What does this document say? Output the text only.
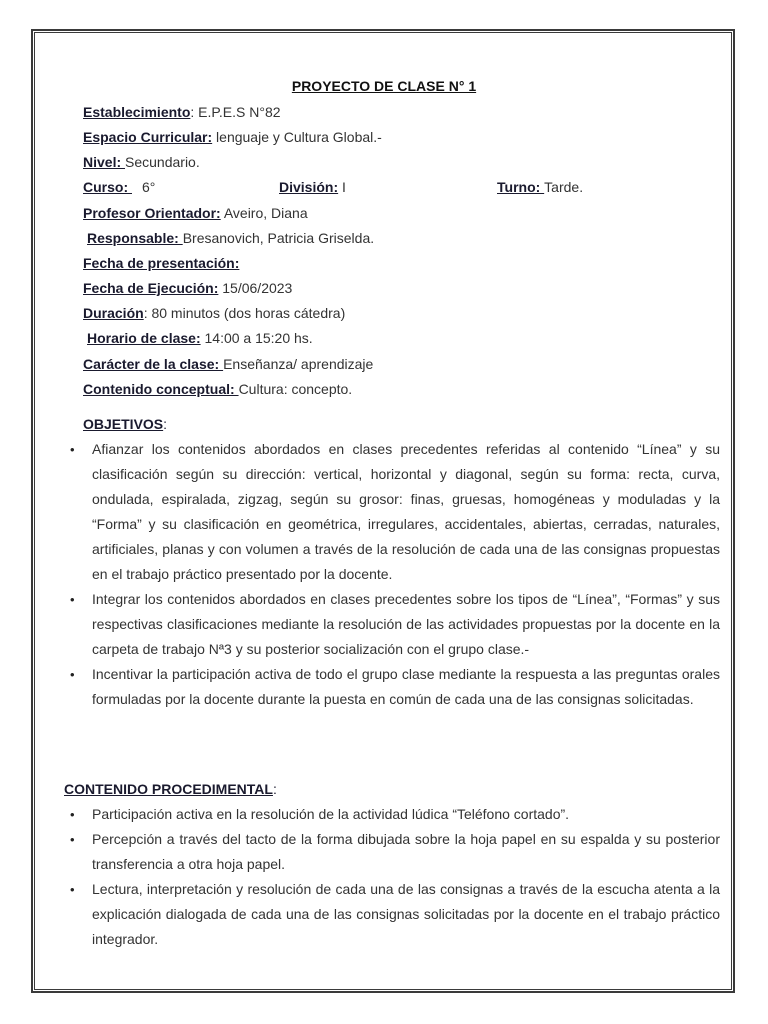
PROYECTO DE CLASE N° 1
Establecimiento: E.P.E.S N°82
Espacio Curricular: lenguaje y Cultura Global.-
Nivel: Secundario.
Curso: 6°	División: I	Turno: Tarde.
Profesor Orientador: Aveiro, Diana
Responsable: Bresanovich, Patricia Griselda.
Fecha de presentación:
Fecha de Ejecución: 15/06/2023
Duración: 80 minutos (dos horas cátedra)
Horario de clase: 14:00 a 15:20 hs.
Carácter de la clase: Enseñanza/ aprendizaje
Contenido conceptual: Cultura: concepto.
OBJETIVOS:
• Afianzar los contenidos abordados en clases precedentes referidas al contenido “Línea” y su clasificación según su dirección: vertical, horizontal y diagonal, según su forma: recta, curva, ondulada, espiralada, zigzag, según su grosor: finas, gruesas, homogéneas y moduladas y la “Forma” y su clasificación en geométrica, irregulares, accidentales, abiertas, cerradas, naturales, artificiales, planas y con volumen a través de la resolución de cada una de las consignas propuestas en el trabajo práctico presentado por la docente.
• Integrar los contenidos abordados en clases precedentes sobre los tipos de “Línea”, “Formas” y sus respectivas clasificaciones mediante la resolución de las actividades propuestas por la docente en la carpeta de trabajo Nª3 y su posterior socialización con el grupo clase.-
• Incentivar la participación activa de todo el grupo clase mediante la respuesta a las preguntas orales formuladas por la docente durante la puesta en común de cada una de las consignas solicitadas.
CONTENIDO PROCEDIMENTAL:
• Participación activa en la resolución de la actividad lúdica “Teléfono cortado”.
• Percepción a través del tacto de la forma dibujada sobre la hoja papel en su espalda y su posterior transferencia a otra hoja papel.
• Lectura, interpretación y resolución de cada una de las consignas a través de la escucha atenta a la explicación dialogada de cada una de las consignas solicitadas por la docente en el trabajo práctico integrador.
